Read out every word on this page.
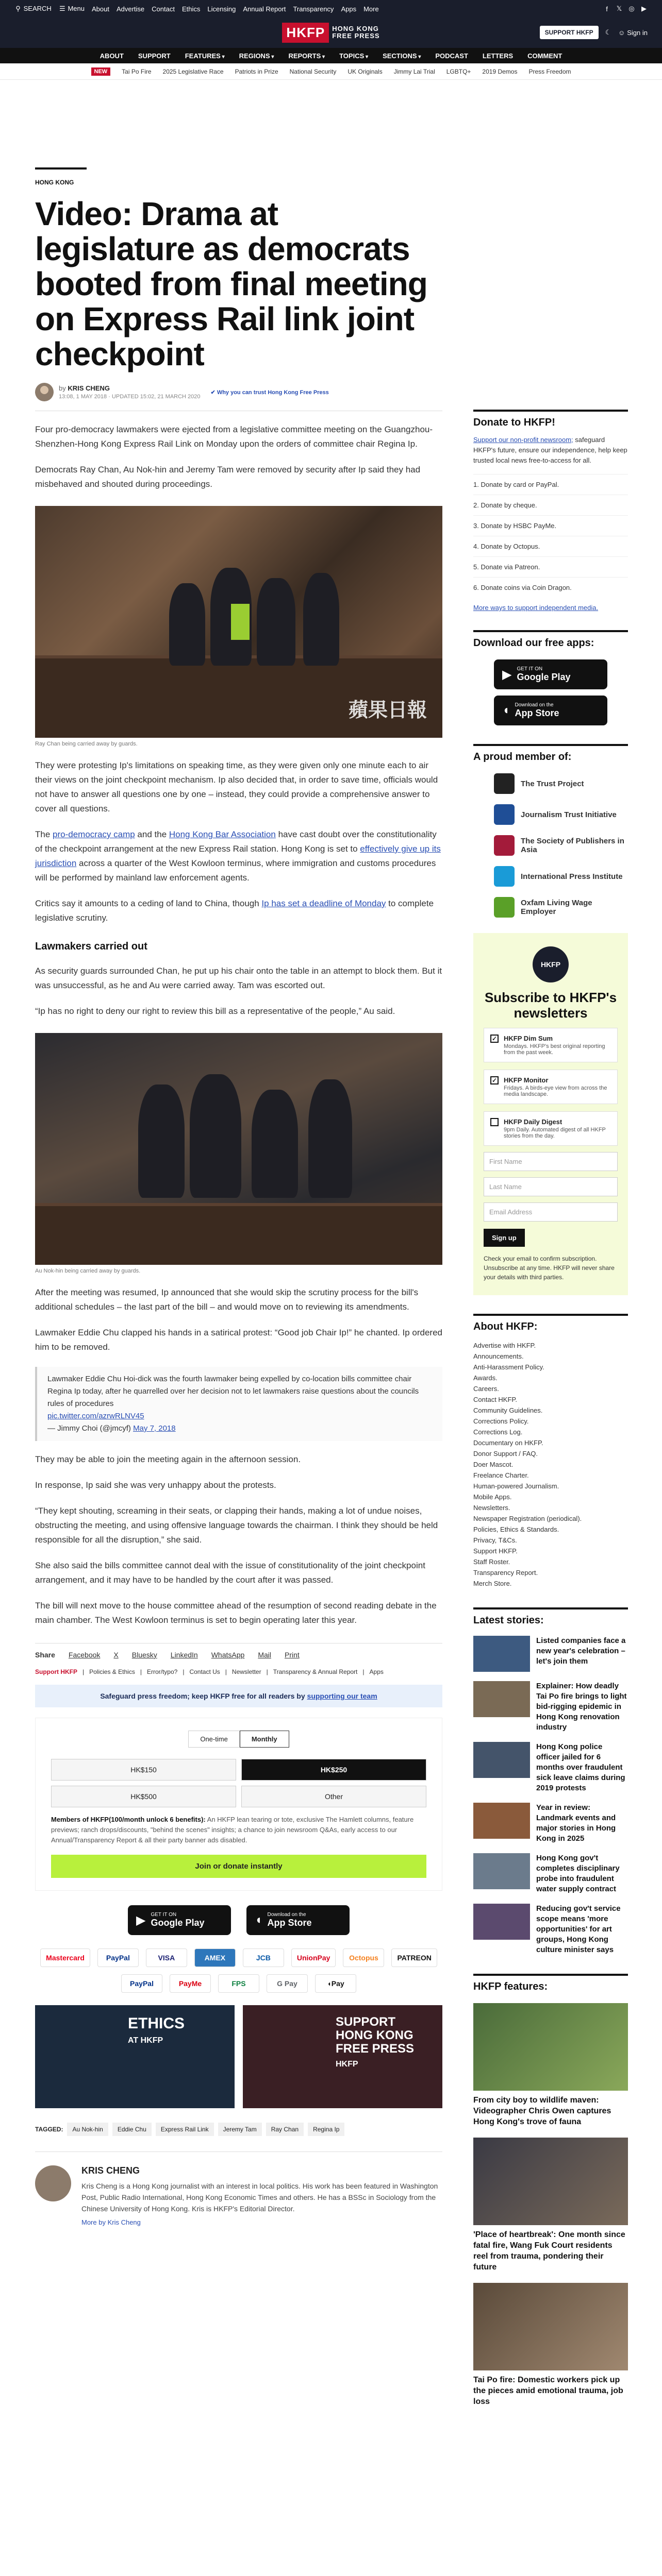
⚲ SEARCH ☰ Menu About Advertise Contact Ethics Licensing Annual Report Transparency Apps More	f	𝕏 ◎ ▶
HKFP	HONG KONG
FREE PRESS	SUPPORT HKFP	☾ ☺ Sign in
ABOUT SUPPORT FEATURES ▾	REGIONS ▾	REPORTS ▾	TOPICS ▾	SECTIONS ▾	PODCAST LETTERS COMMENT
NEW	Tai Po Fire 2025 Legislative Race Patriots in Prize National Security UK Originals Jimmy Lai Trial LGBTQ+ 2019 Demos Press Freedom
HONG KONG
Video: Drama at legislature as democrats booted from final meeting on Express Rail link joint checkpoint
by KRIS CHENG
13:08, 1 MAY 2018 · UPDATED 15:02, 21 MARCH 2020
✔ Why you can trust Hong Kong Free Press

Four pro-democracy lawmakers were ejected from a legislative committee meeting on the Guangzhou-Shenzhen-Hong Kong Express Rail Link on Monday upon the orders of committee chair Regina Ip.

Democrats Ray Chan, Au Nok-hin and Jeremy Tam were removed by security after Ip said they had misbehaved and shouted during proceedings.

蘋果日報
Ray Chan being carried away by guards.

They were protesting Ip's limitations on speaking time, as they were given only one minute each to air their views on the joint checkpoint mechanism. Ip also decided that, in order to save time, officials would not have to answer all questions one by one – instead, they could provide a comprehensive answer to cover all questions.

The pro-democracy camp and the Hong Kong Bar Association have cast doubt over the constitutionality of the checkpoint arrangement at the new Express Rail station. Hong Kong is set to effectively give up its jurisdiction across a quarter of the West Kowloon terminus, where immigration and customs procedures will be performed by mainland law enforcement agents.

Critics say it amounts to a ceding of land to China, though Ip has set a deadline of Monday to complete legislative scrutiny.

Lawmakers carried out

As security guards surrounded Chan, he put up his chair onto the table in an attempt to block them. But it was unsuccessful, as he and Au were carried away. Tam was escorted out.

“Ip has no right to deny our right to review this bill as a representative of the people,” Au said.

Au Nok-hin being carried away by guards.

After the meeting was resumed, Ip announced that she would skip the scrutiny process for the bill's additional schedules – the last part of the bill – and would move on to reviewing its amendments.

Lawmaker Eddie Chu clapped his hands in a satirical protest: “Good job Chair Ip!” he chanted. Ip ordered him to be removed.

Lawmaker Eddie Chu Hoi-dick was the fourth lawmaker being expelled by co-location bills committee chair Regina Ip today, after he quarrelled over her decision not to let lawmakers raise questions about the councils rules of procedures
pic.twitter.com/azrwRLNV45
— Jimmy Choi (@jmcyf) May 7, 2018

They may be able to join the meeting again in the afternoon session.

In response, Ip said she was very unhappy about the protests.

“They kept shouting, screaming in their seats, or clapping their hands, making a lot of undue noises, obstructing the meeting, and using offensive language towards the chairman. I think they should be held responsible for all the disruption,” she said.

She also said the bills committee cannot deal with the issue of constitutionality of the joint checkpoint arrangement, and it may have to be handled by the court after it was passed.

The bill will next move to the house committee ahead of the resumption of second reading debate in the main chamber. The West Kowloon terminus is set to begin operating later this year.

Share Facebook X Bluesky LinkedIn WhatsApp Mail Print
Support HKFP | Policies & Ethics | Error/typo? | Contact Us | Newsletter | Transparency & Annual Report | Apps
Safeguard press freedom; keep HKFP free for all readers by supporting our team
One-time	Monthly
HK$150	HK$250
HK$500	Other
Members of HKFP(100/month unlock 6 benefits): An HKFP lean tearing or tote, exclusive The Hamlett columns, feature previews; ranch drops/discounts, "behind the scenes" insights; a chance to join newsroom Q&As, early access to our Annual/Transparency Report & all their party banner ads disabled.
Join or donate instantly
▶ GET IT ON
Google Play	◖ Download on the
App Store
Mastercard	PayPal	VISA	AMEX	JCB	UnionPay	Octopus	PATREON
PayPal	PayMe	FPS	G Pay	◖ Pay
ETHICS
AT HKFP
SUPPORT HONG KONG FREE PRESS
HKFP
TAGGED:	Au Nok-hin	Eddie Chu	Express Rail Link	Jeremy Tam	Ray Chan	Regina Ip
KRIS CHENG
Kris Cheng is a Hong Kong journalist with an interest in local politics. His work has been featured in Washington Post, Public Radio International, Hong Kong Economic Times and others. He has a BSSc in Sociology from the Chinese University of Hong Kong. Kris is HKFP's Editorial Director.
More by Kris Cheng
Donate to HKFP!

Support our non-profit newsroom; safeguard HKFP's future, ensure our independence, help keep trusted local news free-to-access for all.

1. Donate by card or PayPal.
2. Donate by cheque.
3. Donate by HSBC PayMe.
4. Donate by Octopus.
5. Donate via Patreon.
6. Donate coins via Coin Dragon.
More ways to support independent media.
Download our free apps:
▶ GET IT ON
Google Play
◖ Download on the
App Store
A proud member of:
The Trust Project
Journalism Trust Initiative
The Society of Publishers in Asia
International Press Institute
Oxfam Living Wage Employer
HKFP
Subscribe to HKFP's newsletters
✓ HKFP Dim Sum
Mondays. HKFP's best original reporting from the past week.
✓ HKFP Monitor
Fridays. A birds-eye view from across the media landscape.
HKFP Daily Digest
9pm Daily. Automated digest of all HKFP stories from the day.
First Name
Last Name
Email Address
Sign up
Check your email to confirm subscription. Unsubscribe at any time. HKFP will never share your details with third parties.
About HKFP:
Advertise with HKFP.
Announcements.
Anti-Harassment Policy.
Awards.
Careers.
Contact HKFP.
Community Guidelines.
Corrections Policy.
Corrections Log.
Documentary on HKFP.
Donor Support / FAQ.
Doer Mascot.
Freelance Charter.
Human-powered Journalism.
Mobile Apps.
Newsletters.
Newspaper Registration (periodical).
Policies, Ethics & Standards.
Privacy, T&Cs.
Support HKFP.
Staff Roster.
Transparency Report.
Merch Store.
Latest stories:
Listed companies face a new year's celebration – let's join them
Explainer: How deadly Tai Po fire brings to light bid-rigging epidemic in Hong Kong renovation industry
Hong Kong police officer jailed for 6 months over fraudulent sick leave claims during 2019 protests
Year in review: Landmark events and major stories in Hong Kong in 2025
Hong Kong gov't completes disciplinary probe into fraudulent water supply contract
Reducing gov't service scope means 'more opportunities' for art groups, Hong Kong culture minister says
HKFP features:
From city boy to wildlife maven: Videographer Chris Owen captures Hong Kong's trove of fauna
'Place of heartbreak': One month since fatal fire, Wang Fuk Court residents reel from trauma, pondering their future
Tai Po fire: Domestic workers pick up the pieces amid emotional trauma, job loss
